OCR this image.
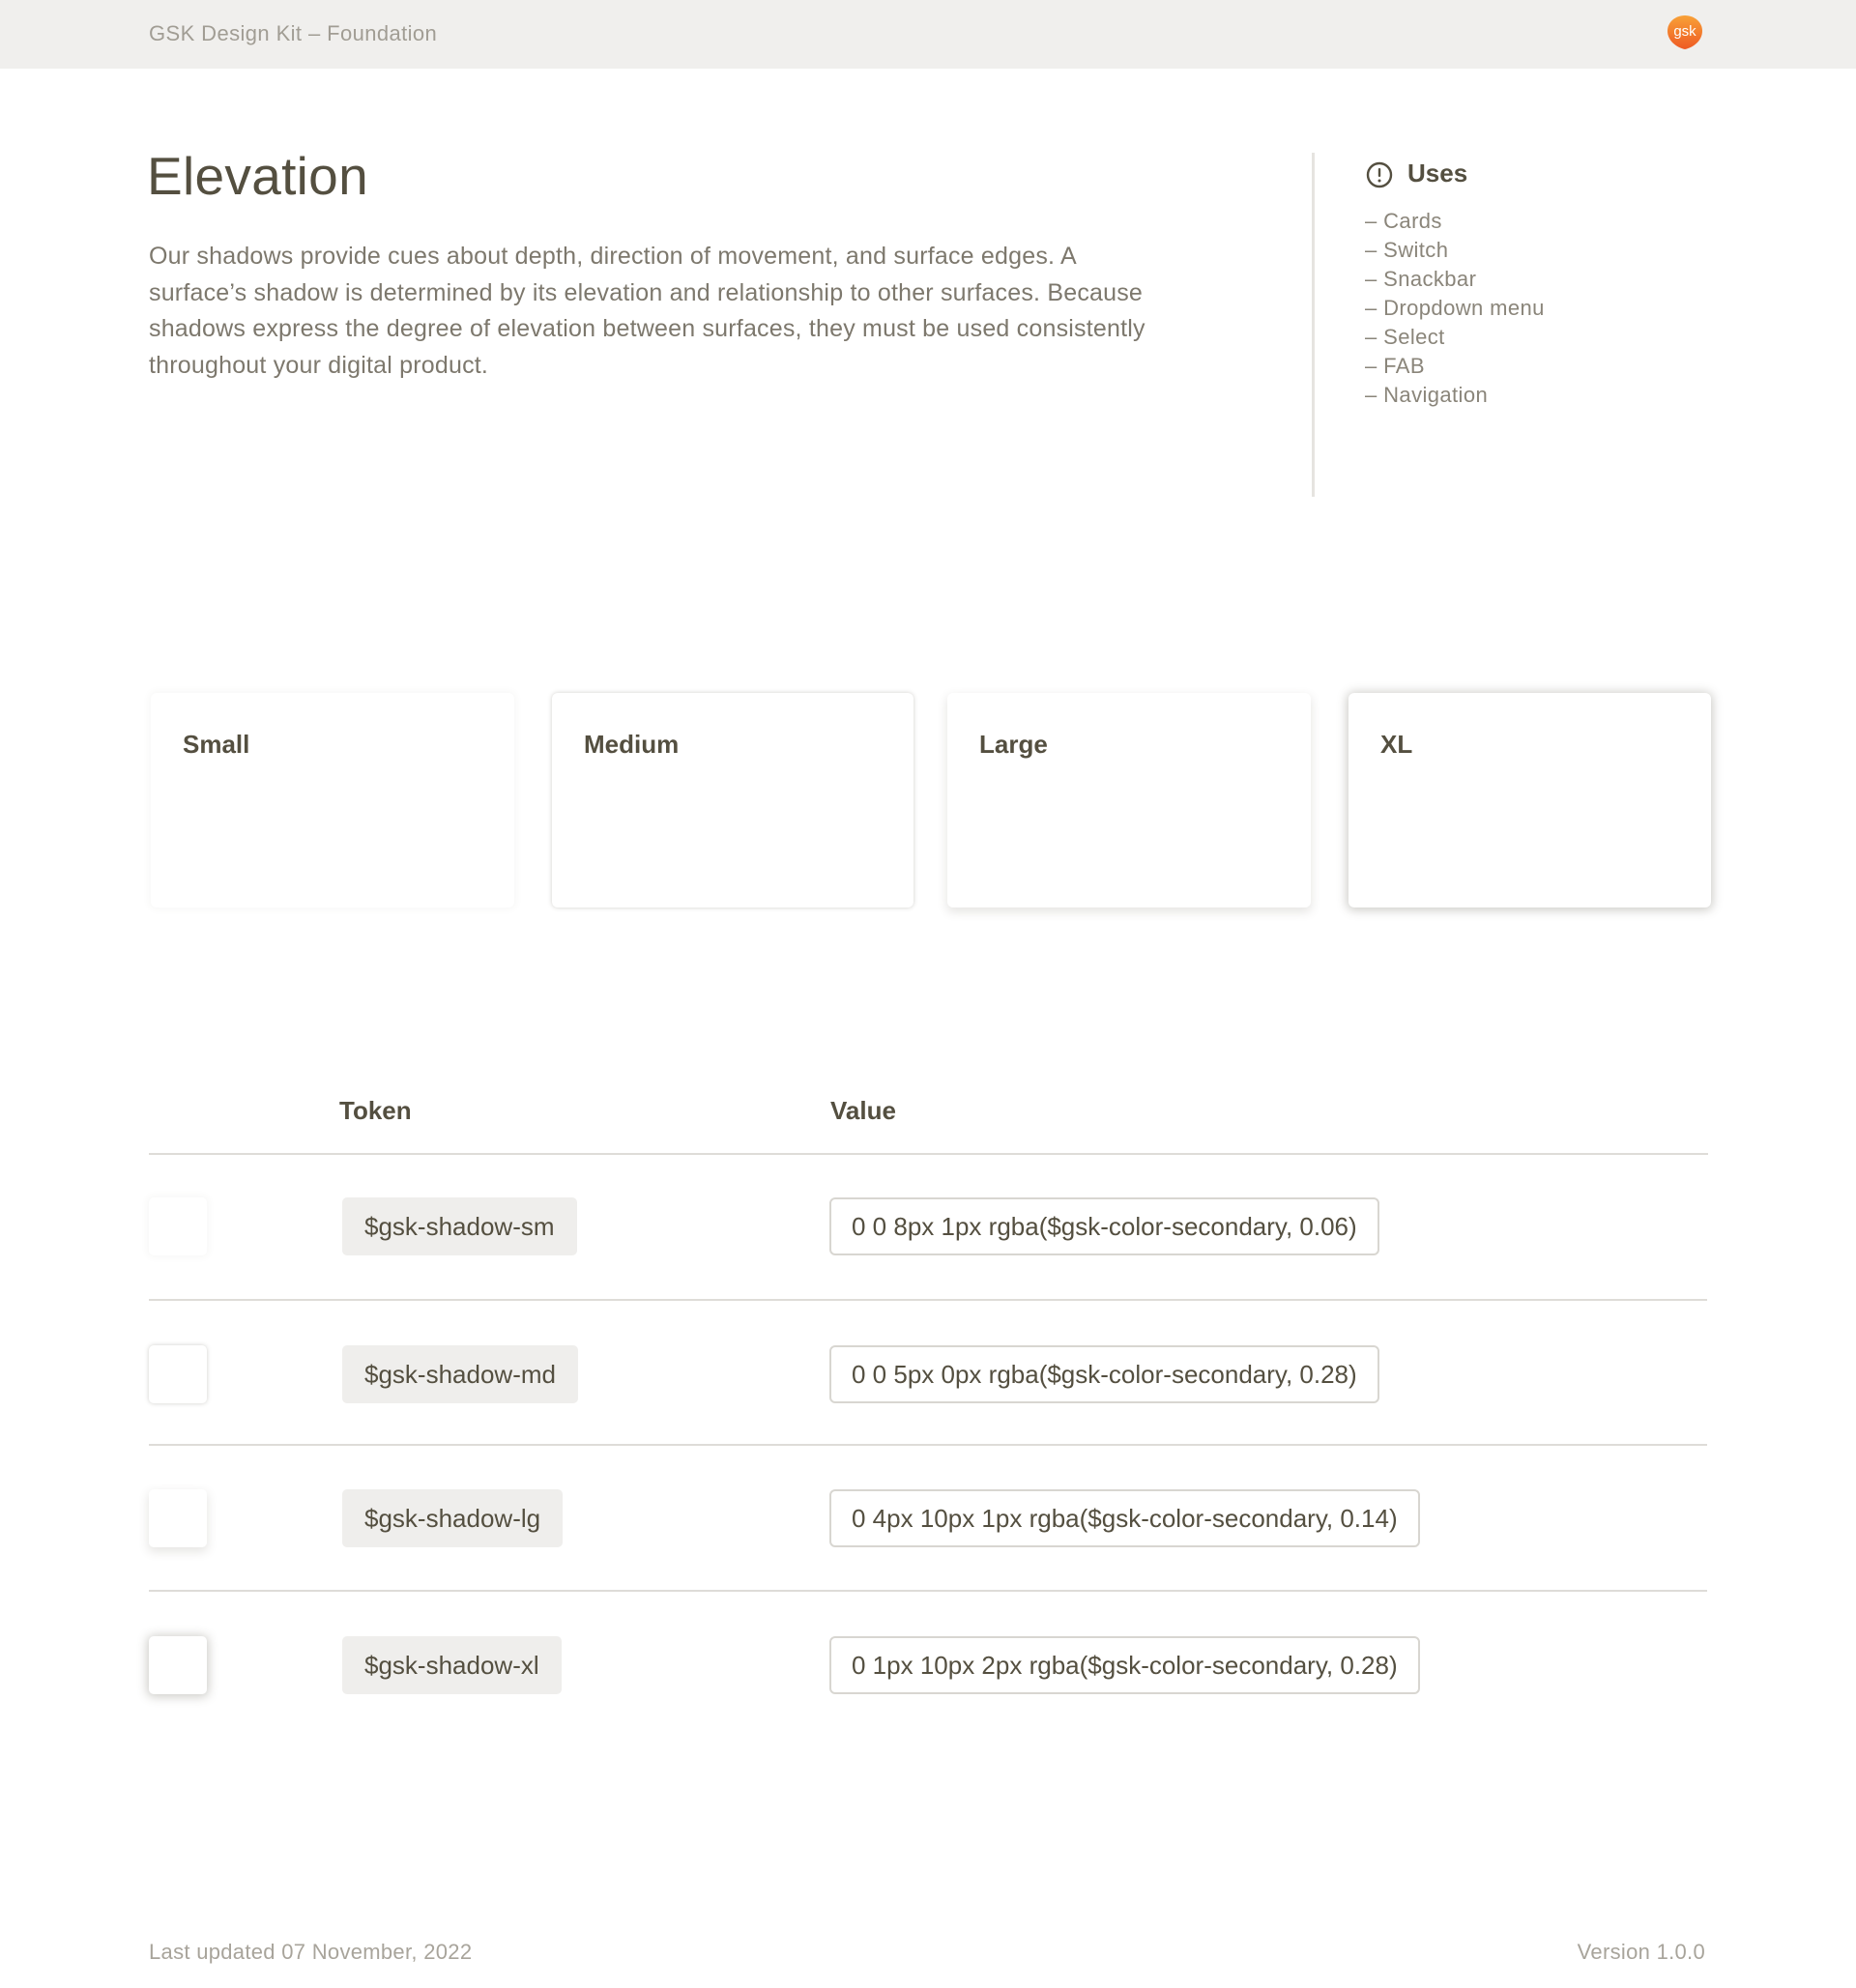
GSK Design Kit – Foundation	gsk
Elevation

Our shadows provide cues about depth, direction of movement, and surface edges. A surface’s shadow is determined by its elevation and relationship to other surfaces. Because shadows express the degree of elevation between surfaces, they must be used consistently throughout your digital product.

Uses
– Cards
– Switch
– Snackbar
– Dropdown menu
– Select
– FAB
– Navigation
Small	Medium	Large	XL
Token	Value
$gsk-shadow-sm	0 0 8px 1px rgba($gsk-color-secondary, 0.06)
$gsk-shadow-md	0 0 5px 0px rgba($gsk-color-secondary, 0.28)
$gsk-shadow-lg	0 4px 10px 1px rgba($gsk-color-secondary, 0.14)
$gsk-shadow-xl	0 1px 10px 2px rgba($gsk-color-secondary, 0.28)
Last updated 07 November, 2022	Version 1.0.0
